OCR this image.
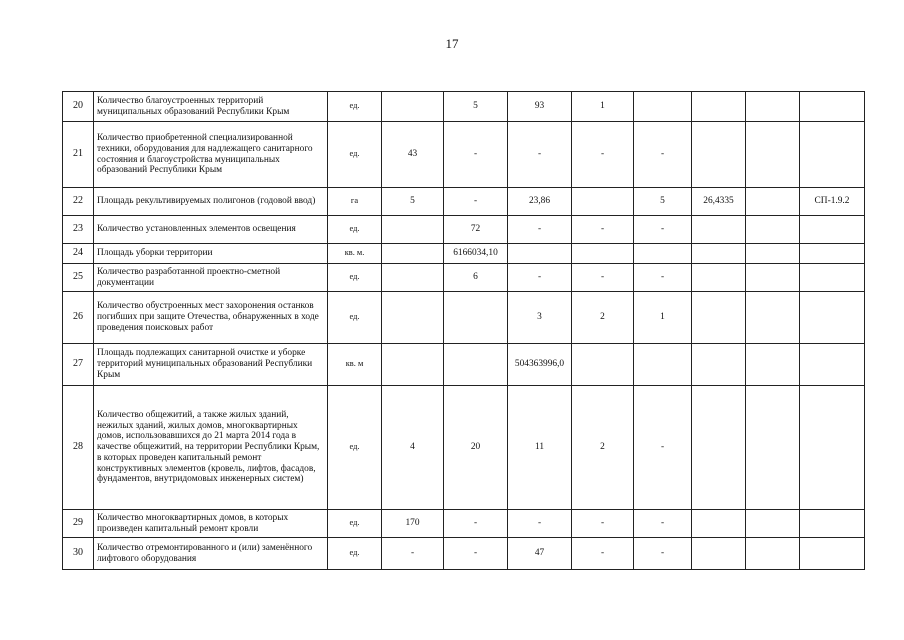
17
20	Количество благоустроенных территорий муниципальных образований Республики Крым	ед.		5	93	1				
21	Количество приобретенной специализированной техники, оборудования для надлежащего санитарного состояния и благоустройства муниципальных образований Республики Крым	ед.	43	-	-	-	-			
22	Площадь рекультивируемых полигонов (годовой ввод)	га	5	-	23,86		5	26,4335		СП-1.9.2
23	Количество установленных элементов освещения	ед.		72	-	-	-			
24	Площадь уборки территории	кв. м.		6166034,10						
25	Количество разработанной проектно-сметной документации	ед.		6	-	-	-			
26	Количество обустроенных мест захоронения останков погибших при защите Отечества, обнаруженных в ходе проведения поисковых работ	ед.			3	2	1			
27	Площадь подлежащих санитарной очистке и уборке территорий муниципальных образований Республики Крым	кв. м			504363996,0					
28	Количество общежитий, а также жилых зданий, нежилых зданий, жилых домов, многоквартирных домов, использовавшихся до 21 марта 2014 года в качестве общежитий, на территории Республики Крым, в которых проведен капитальный ремонт конструктивных элементов (кровель, лифтов, фасадов, фундаментов, внутридомовых инженерных систем)	ед.	4	20	11	2	-			
29	Количество многоквартирных домов, в которых произведен капитальный ремонт кровли	ед.	170	-	-	-	-			
30	Количество отремонтированного и (или) заменённого лифтового оборудования	ед.	-	-	47	-	-			
